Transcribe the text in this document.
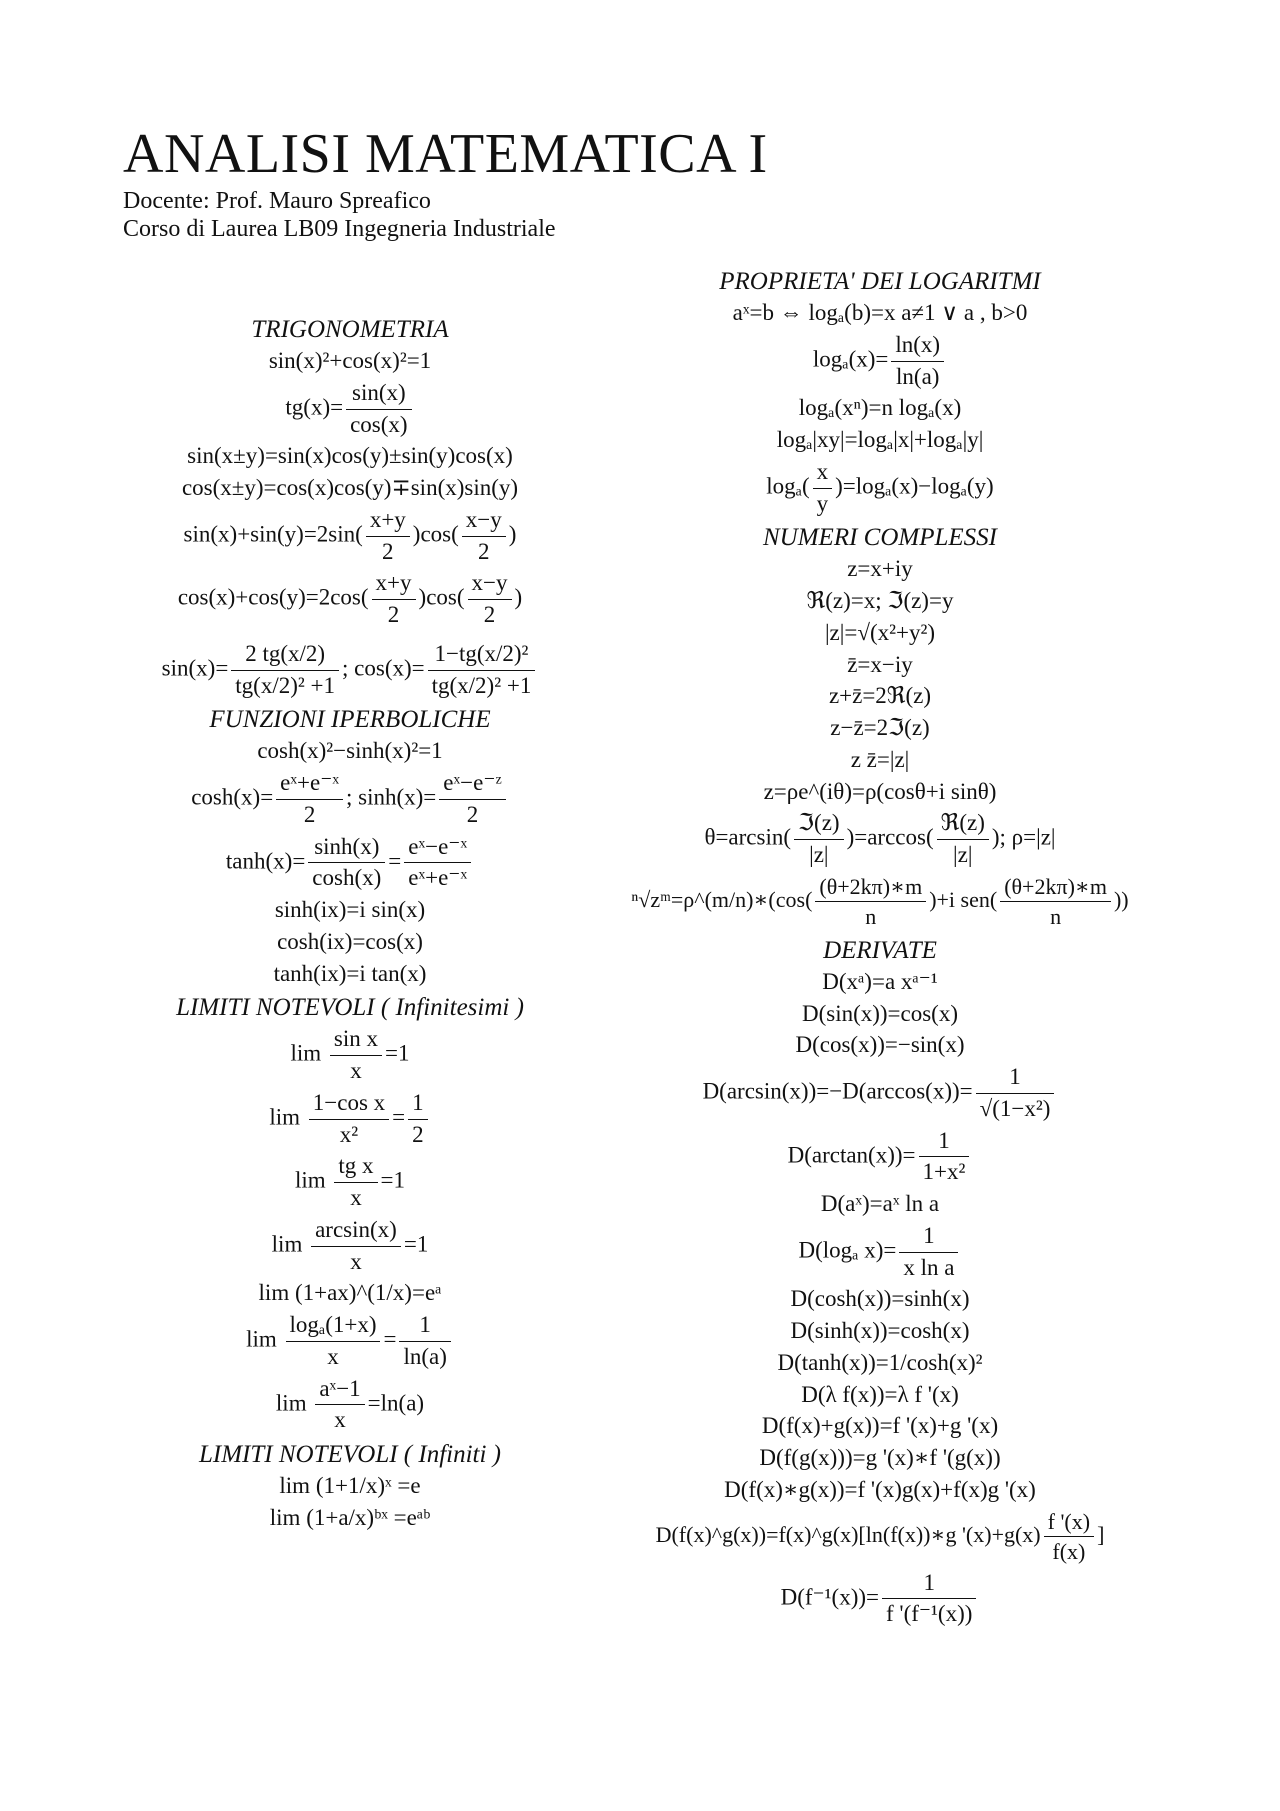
ANALISI MATEMATICA I
Docente: Prof. Mauro Spreafico
Corso di Laurea LB09 Ingegneria Industriale
TRIGONOMETRIA
sin(x)²+cos(x)²=1
$tg(x)= \frac{\sin(x)}{\cos(x)}$
sin(x±y)=sin(x)cos(y)±sin(y)cos(x)
cos(x±y)=cos(x)cos(y)∓sin(x)sin(y)
$\sin(x)+\sin(y)=2\sin( \frac{x+y}{2} )\cos( \frac{x-y}{2}$ )
$\cos(x)+\cos(y)=2\cos( \frac{x+y}{2} )\cos( \frac{x-y}{2}$ )
$\sin(x)= \frac{2 tg(x/2)}{\text{tg(x/2)² +1}}$ ; $\cos(x)= \frac{\text{1−tg(x/2)²}}{\text{tg(x/2)² +1}}$
FUNZIONI IPERBOLICHE
cosh(x)²−sinh(x)²=1
$\cosh(x)= \frac{\text{eˣ+e⁻ˣ}}{2}$ ; $\sinh(x)= \frac{\text{eˣ−e⁻ᶻ}}{2}$
$\tanh(x)= \frac{\sinh(x)}{\cosh(x)} = \frac{\text{eˣ−e⁻ˣ}}{\text{eˣ+e⁻ˣ}}$
sinh(ix)=i sin(x)
cosh(ix)=cos(x)
tanh(ix)=i tan(x)
LIMITI NOTEVOLI ( Infinitesimi )
$\lim \frac{\text{sin x}}{x} =1$
$\lim \frac{\text{1−cos x}}{\text{x²}} = \frac{1}{2}$
$\lim \frac{\text{tg x}}{x} =1$
$\lim \frac{\arcsin(x)}{x} =1$
lim (1+ax)^(1/x)=eᵃ
$\lim \frac{\text{logₐ(1+x)}}{x} = \frac{1}{\ln(a)}$
$\lim \frac{\text{aˣ−1}}{x} =\ln(a)$
LIMITI NOTEVOLI ( Infiniti )
lim (1+1/x)ˣ =e
lim (1+a/x)ᵇˣ =eᵃᵇ
PROPRIETA' DEI LOGARITMI
aˣ=b ⇔ logₐ(b)=x a≠1 ∨ a , b>0
$\log_a(x)= \frac{\ln(x)}{\ln(a)}$
logₐ(xⁿ)=n logₐ(x)
logₐ|xy|=logₐ|x|+logₐ|y|
$\log_a( \frac{x}{y} )=\log_a(x)-\log_a(y)$
NUMERI COMPLESSI
z=x+iy
ℜ(z)=x; ℑ(z)=y
|z|=√(x²+y²)
z̄=x−iy
z+z̄=2ℜ(z)
z−z̄=2ℑ(z)
z z̄=|z|
z=ρe^(iθ)=ρ(cosθ+i sinθ)
$\theta=\arcsin( \frac{\text{ℑ(z)}}{|z|} )=\arccos( \frac{\text{ℜ(z)}}{|z|}$ ); ρ=|z|
ⁿ√zᵐ=ρ^(m/n)∗(cos( $\frac{(\theta+2k\pi)∗m}{n} )+i$ $sen( \frac{(\theta+2k\pi)∗m}{n}$ ))
DERIVATE
D(xᵃ)=a xᵃ⁻¹
D(sin(x))=cos(x)
D(cos(x))=−sin(x)
$D(\arcsin(x))=-D(\arccos(x))= \frac{1}{\text{√(1−x²)}}$
$D(\arctan(x))= \frac{1}{\text{1+x²}}$
D(aˣ)=aˣ ln a
D(logₐ $x)= \frac{1}{\text{x ln a}}$
D(cosh(x))=sinh(x)
D(sinh(x))=cosh(x)
D(tanh(x))=1/cosh(x)²
D(λ f(x))=λ f '(x)
D(f(x)+g(x))=f '(x)+g '(x)
D(f(g(x)))=g '(x)∗f '(g(x))
D(f(x)∗g(x))=f '(x)g(x)+f(x)g '(x)
D(f(x)^g(x))=f(x)^g(x)[ln(f(x))∗g '$(x)+g(x) \frac{f '(x)}{f(x)}$ ]
$D(f^{-1}(x))= \frac{1}{\text{f '(f⁻¹(x))}}$
